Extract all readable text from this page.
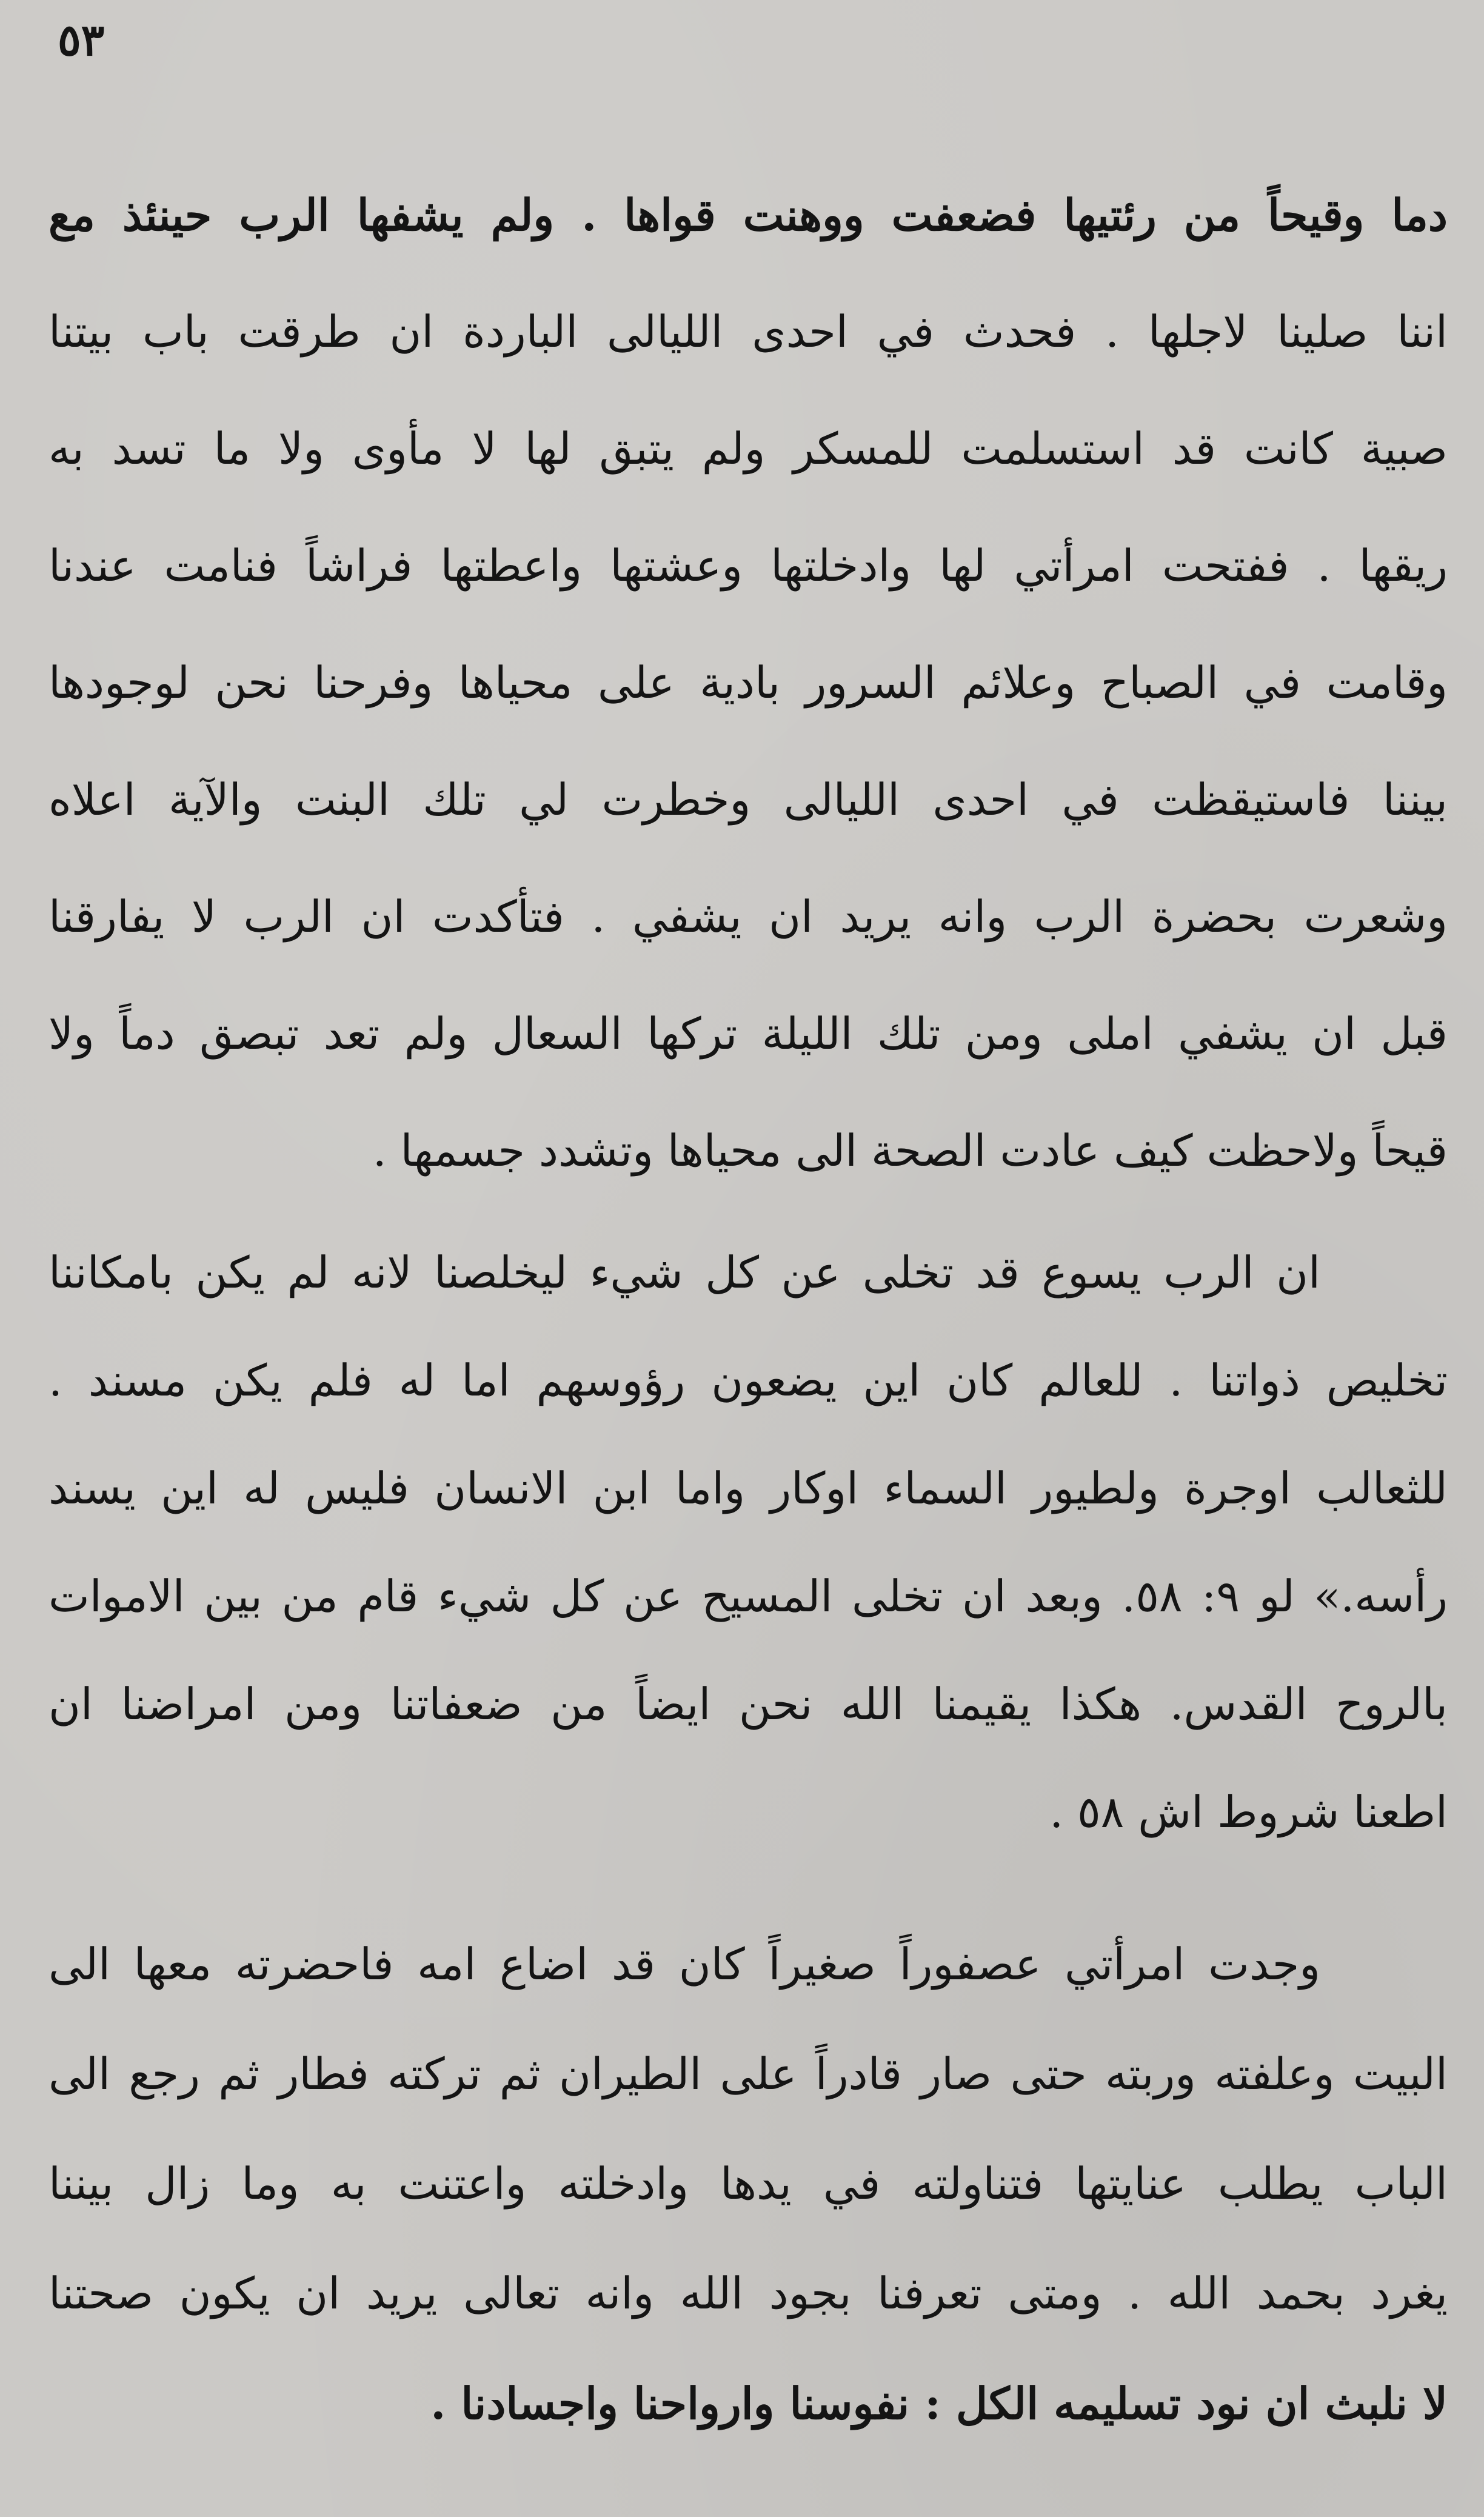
٥٣
دما وقيحاً من رئتيها فضعفت ووهنت قواها . ولم يشفها الرب حينئذ مع
اننا صلينا لاجلها . فحدث في احدى الليالى الباردة ان طرقت باب بيتنا
صبية كانت قد استسلمت للمسكر ولم يتبق لها لا مأوى ولا ما تسد به
ريقها . ففتحت امرأتي لها وادخلتها وعشتها واعطتها فراشاً فنامت عندنا
وقامت في الصباح وعلائم السرور بادية على محياها وفرحنا نحن لوجودها
بيننا فاستيقظت في احدى الليالى وخطرت لي تلك البنت والآية اعلاه
وشعرت بحضرة الرب وانه يريد ان يشفي . فتأكدت ان الرب لا يفارقنا
قبل ان يشفي املى ومن تلك الليلة تركها السعال ولم تعد تبصق دماً ولا
قيحاً ولاحظت كيف عادت الصحة الى محياها وتشدد جسمها .
ان الرب يسوع قد تخلى عن كل شيء ليخلصنا لانه لم يكن بامكاننا
تخليص ذواتنا . للعالم كان اين يضعون رؤوسهم اما له فلم يكن مسند .
للثعالب اوجرة ولطيور السماء اوكار واما ابن الانسان فليس له اين يسند
رأسه.» لو ٩: ٥٨. وبعد ان تخلى المسيح عن كل شيء قام من بين الاموات
بالروح القدس. هكذا يقيمنا الله نحن ايضاً من ضعفاتنا ومن امراضنا ان
اطعنا شروط اش ٥٨ .
وجدت امرأتي عصفوراً صغيراً كان قد اضاع امه فاحضرته معها الى
البيت وعلفته وربته حتى صار قادراً على الطيران ثم تركته فطار ثم رجع الى
الباب يطلب عنايتها فتناولته في يدها وادخلته واعتنت به وما زال بيننا
يغرد بحمد الله . ومتى تعرفنا بجود الله وانه تعالى يريد ان يكون صحتنا
لا نلبث ان نود تسليمه الكل : نفوسنا وارواحنا واجسادنا .
